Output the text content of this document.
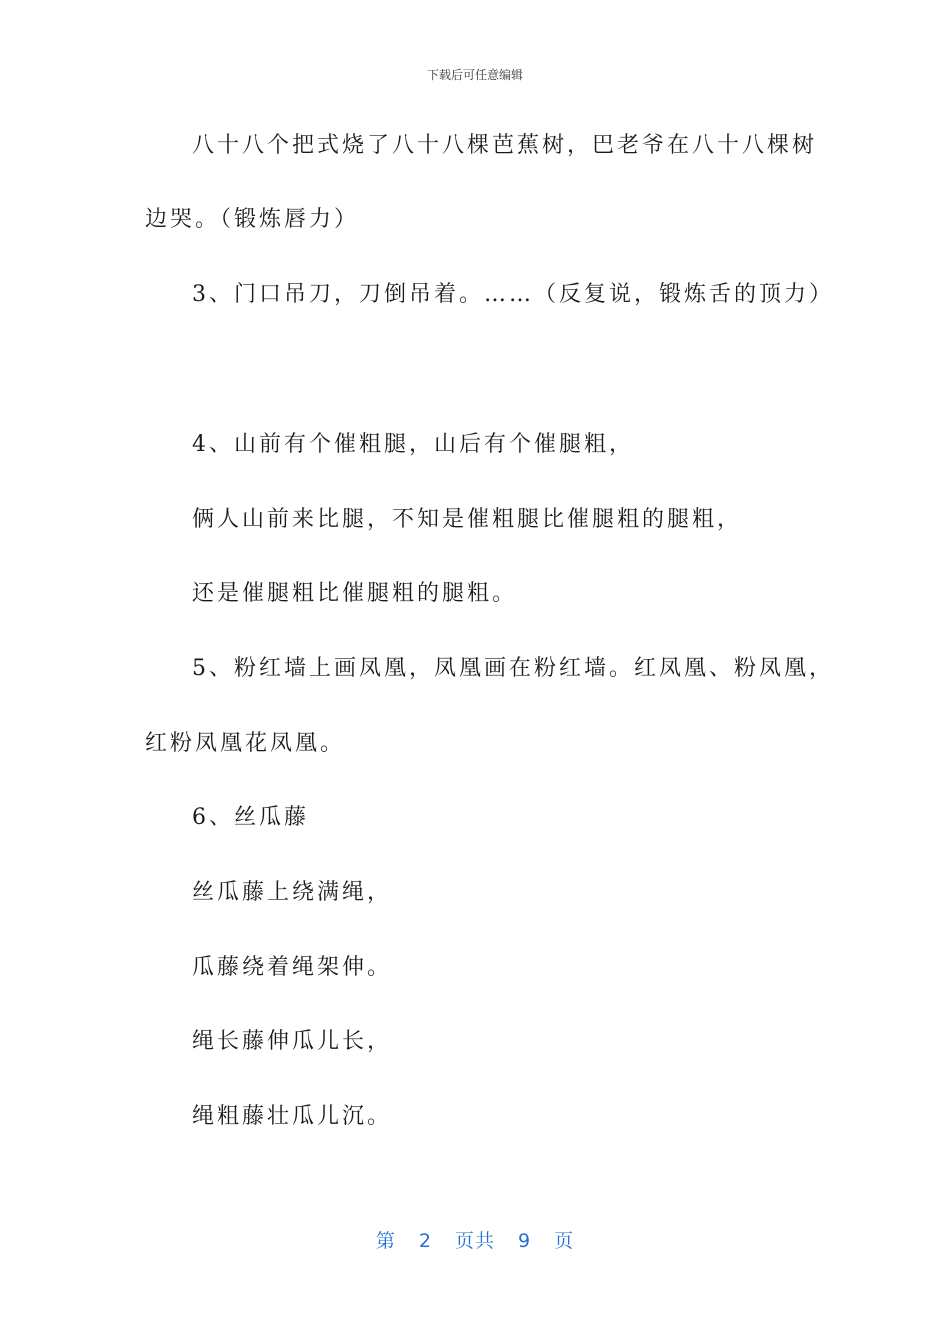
下载后可任意编辑
八十八个把式烧了八十八棵芭蕉树，巴老爷在八十八棵树
边哭。（锻炼唇力）
3、门口吊刀，刀倒吊着。……（反复说，锻炼舌的顶力）
4、山前有个催粗腿，山后有个催腿粗，
俩人山前来比腿，不知是催粗腿比催腿粗的腿粗，
还是催腿粗比催腿粗的腿粗。
5、粉红墙上画凤凰，凤凰画在粉红墙。红凤凰、粉凤凰，
红粉凤凰花凤凰。
6、丝瓜藤
丝瓜藤上绕满绳，
瓜藤绕着绳架伸。
绳长藤伸瓜儿长，
绳粗藤壮瓜儿沉。
第 2 页共 9 页
